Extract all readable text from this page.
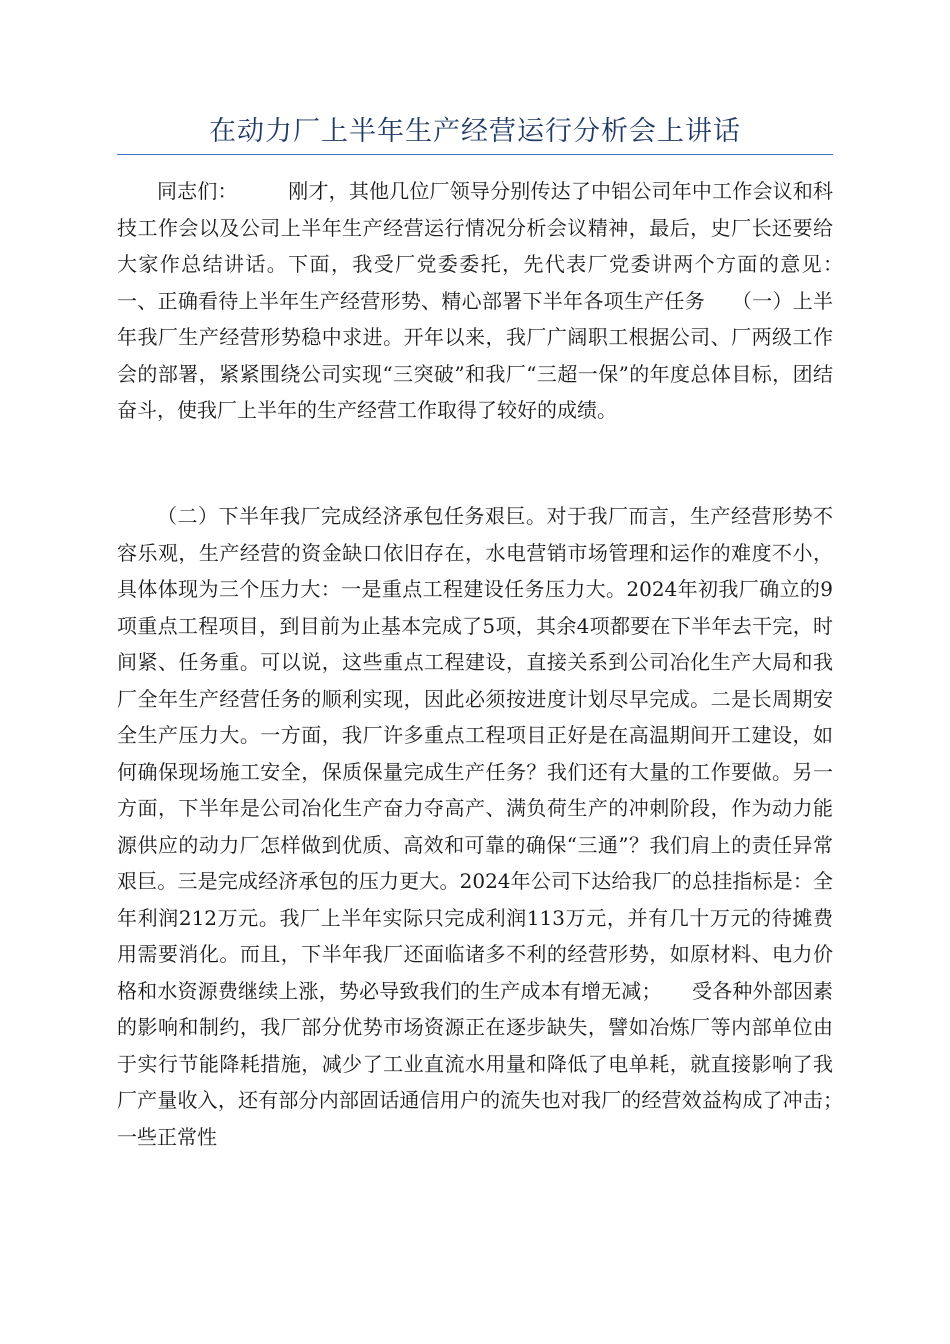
在动力厂上半年生产经营运行分析会上讲话

同志们：　　　刚才，其他几位厂领导分别传达了中铝公司年中工作会议和科技工作会以及公司上半年生产经营运行情况分析会议精神，最后，史厂长还要给大家作总结讲话。下面，我受厂党委委托，先代表厂党委讲两个方面的意见：　　　一、正确看待上半年生产经营形势、精心部署下半年各项生产任务　 （一）上半年我厂生产经营形势稳中求进。开年以来，我厂广阔职工根据公司、厂两级工作会的部署，紧紧围绕公司实现“三突破”和我厂“三超一保”的年度总体目标，团结奋斗，使我厂上半年的生产经营工作取得了较好的成绩。

（二）下半年我厂完成经济承包任务艰巨。对于我厂而言，生产经营形势不容乐观，生产经营的资金缺口依旧存在，水电营销市场管理和运作的难度不小，具体体现为三个压力大：一是重点工程建设任务压力大。2024年初我厂确立的9项重点工程项目，到目前为止基本完成了5项，其余4项都要在下半年去干完，时间紧、任务重。可以说，这些重点工程建设，直接关系到公司冶化生产大局和我厂全年生产经营任务的顺利实现，因此必须按进度计划尽早完成。二是长周期安全生产压力大。一方面，我厂许多重点工程项目正好是在高温期间开工建设，如何确保现场施工安全，保质保量完成生产任务？我们还有大量的工作要做。另一方面，下半年是公司冶化生产奋力夺高产、满负荷生产的冲刺阶段，作为动力能源供应的动力厂怎样做到优质、高效和可靠的确保“三通”？我们肩上的责任异常艰巨。三是完成经济承包的压力更大。2024年公司下达给我厂的总挂指标是：全年利润212万元。我厂上半年实际只完成利润113万元，并有几十万元的待摊费用需要消化。而且，下半年我厂还面临诸多不利的经营形势，如原材料、电力价格和水资源费继续上涨，势必导致我们的生产成本有增无减；　　受各种外部因素的影响和制约，我厂部分优势市场资源正在逐步缺失，譬如冶炼厂等内部单位由于实行节能降耗措施，减少了工业直流水用量和降低了电单耗，就直接影响了我厂产量收入，还有部分内部固话通信用户的流失也对我厂的经营效益构成了冲击；　　一些正常性
